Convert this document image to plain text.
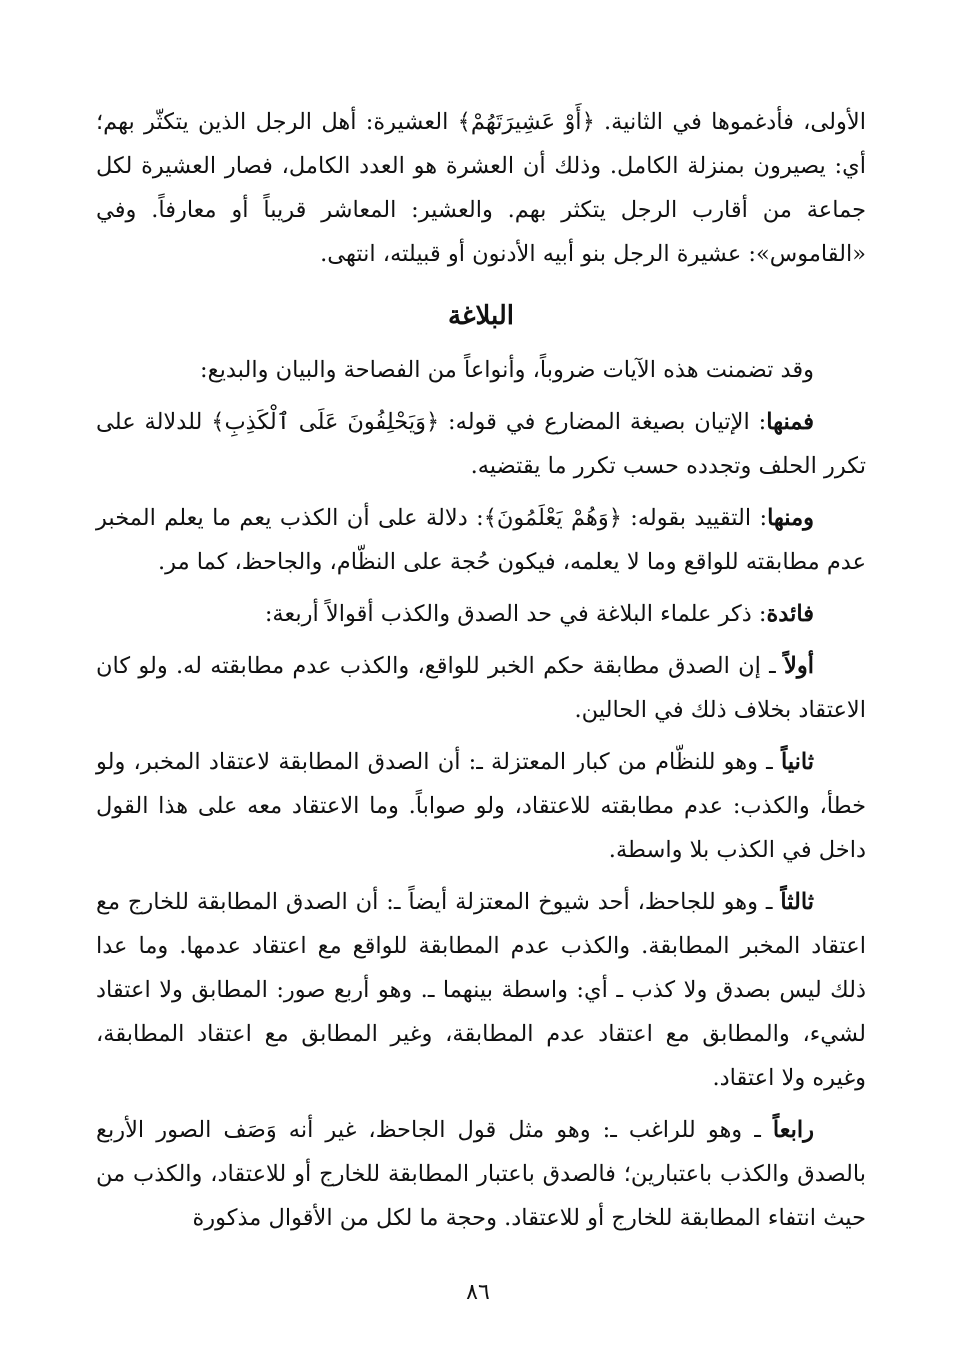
الأولى، فأدغموها في الثانية. ﴿أَوْ عَشِيرَتَهُمْ﴾ العشيرة: أهل الرجل الذين يتكثّر بهم؛ أي: يصيرون بمنزلة الكامل. وذلك أن العشرة هو العدد الكامل، فصار العشيرة لكل جماعة من أقارب الرجل يتكثر بهم. والعشير: المعاشر قريباً أو معارفاً. وفي «القاموس»: عشيرة الرجل بنو أبيه الأدنون أو قبيلته، انتهى.

البلاغة

وقد تضمنت هذه الآيات ضروباً، وأنواعاً من الفصاحة والبيان والبديع:

فمنها: الإتيان بصيغة المضارع في قوله: ﴿وَيَحْلِفُونَ عَلَى ٱلْكَذِبِ﴾ للدلالة على تكرر الحلف وتجدده حسب تكرر ما يقتضيه.

ومنها: التقييد بقوله: ﴿وَهُمْ يَعْلَمُونَ﴾: دلالة على أن الكذب يعم ما يعلم المخبر عدم مطابقته للواقع وما لا يعلمه، فيكون حُجة على النظّام، والجاحظ، كما مر.

فائدة: ذكر علماء البلاغة في حد الصدق والكذب أقوالاً أربعة:

أولاً ـ إن الصدق مطابقة حكم الخبر للواقع، والكذب عدم مطابقته له. ولو كان الاعتقاد بخلاف ذلك في الحالين.

ثانياً ـ وهو للنظّام من كبار المعتزلة ـ: أن الصدق المطابقة لاعتقاد المخبر، ولو خطأ، والكذب: عدم مطابقته للاعتقاد، ولو صواباً. وما الاعتقاد معه على هذا القول داخل في الكذب بلا واسطة.

ثالثاً ـ وهو للجاحظ، أحد شيوخ المعتزلة أيضاً ـ: أن الصدق المطابقة للخارج مع اعتقاد المخبر المطابقة. والكذب عدم المطابقة للواقع مع اعتقاد عدمها. وما عدا ذلك ليس بصدق ولا كذب ـ أي: واسطة بينهما ـ. وهو أربع صور: المطابق ولا اعتقاد لشيء، والمطابق مع اعتقاد عدم المطابقة، وغير المطابق مع اعتقاد المطابقة، وغيره ولا اعتقاد.

رابعاً ـ وهو للراغب ـ: وهو مثل قول الجاحظ، غير أنه وَصَف الصور الأربع بالصدق والكذب باعتبارين؛ فالصدق باعتبار المطابقة للخارج أو للاعتقاد، والكذب من حيث انتفاء المطابقة للخارج أو للاعتقاد. وحجة ما لكل من الأقوال مذكورة

٨٦
